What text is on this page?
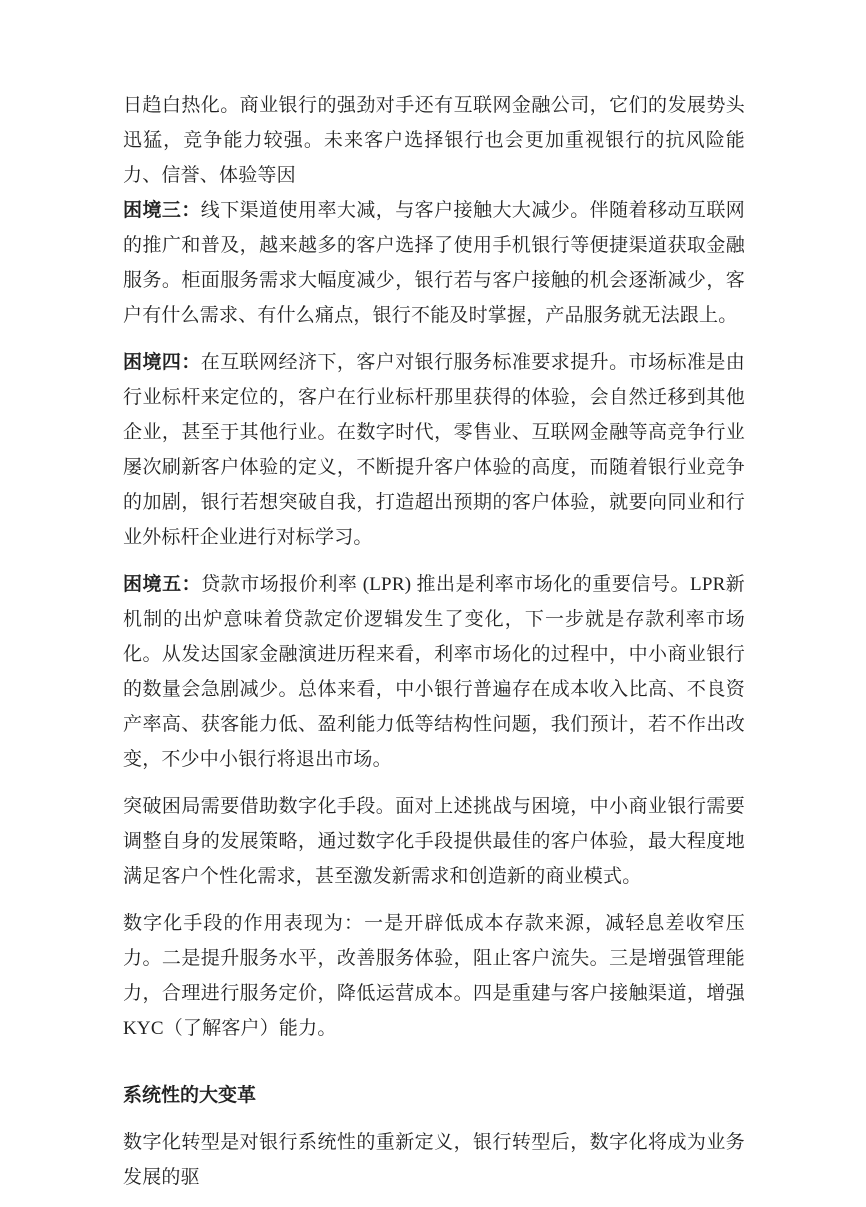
日趋白热化。商业银行的强劲对手还有互联网金融公司，它们的发展势头迅猛，竞争能力较强。未来客户选择银行也会更加重视银行的抗风险能力、信誉、体验等因

困境三：线下渠道使用率大减，与客户接触大大减少。伴随着移动互联网的推广和普及，越来越多的客户选择了使用手机银行等便捷渠道获取金融服务。柜面服务需求大幅度减少，银行若与客户接触的机会逐渐减少，客户有什么需求、有什么痛点，银行不能及时掌握，产品服务就无法跟上。

困境四：在互联网经济下，客户对银行服务标准要求提升。市场标准是由行业标杆来定位的，客户在行业标杆那里获得的体验，会自然迁移到其他企业，甚至于其他行业。在数字时代，零售业、互联网金融等高竞争行业屡次刷新客户体验的定义，不断提升客户体验的高度，而随着银行业竞争的加剧，银行若想突破自我，打造超出预期的客户体验，就要向同业和行业外标杆企业进行对标学习。

困境五：贷款市场报价利率 (LPR) 推出是利率市场化的重要信号。LPR新机制的出炉意味着贷款定价逻辑发生了变化，下一步就是存款利率市场化。从发达国家金融演进历程来看，利率市场化的过程中，中小商业银行的数量会急剧减少。总体来看，中小银行普遍存在成本收入比高、不良资产率高、获客能力低、盈利能力低等结构性问题，我们预计，若不作出改变，不少中小银行将退出市场。

突破困局需要借助数字化手段。面对上述挑战与困境，中小商业银行需要调整自身的发展策略，通过数字化手段提供最佳的客户体验，最大程度地满足客户个性化需求，甚至激发新需求和创造新的商业模式。

数字化手段的作用表现为：一是开辟低成本存款来源，减轻息差收窄压力。二是提升服务水平，改善服务体验，阻止客户流失。三是增强管理能力，合理进行服务定价，降低运营成本。四是重建与客户接触渠道，增强KYC（了解客户）能力。

系统性的大变革

数字化转型是对银行系统性的重新定义，银行转型后，数字化将成为业务发展的驱
